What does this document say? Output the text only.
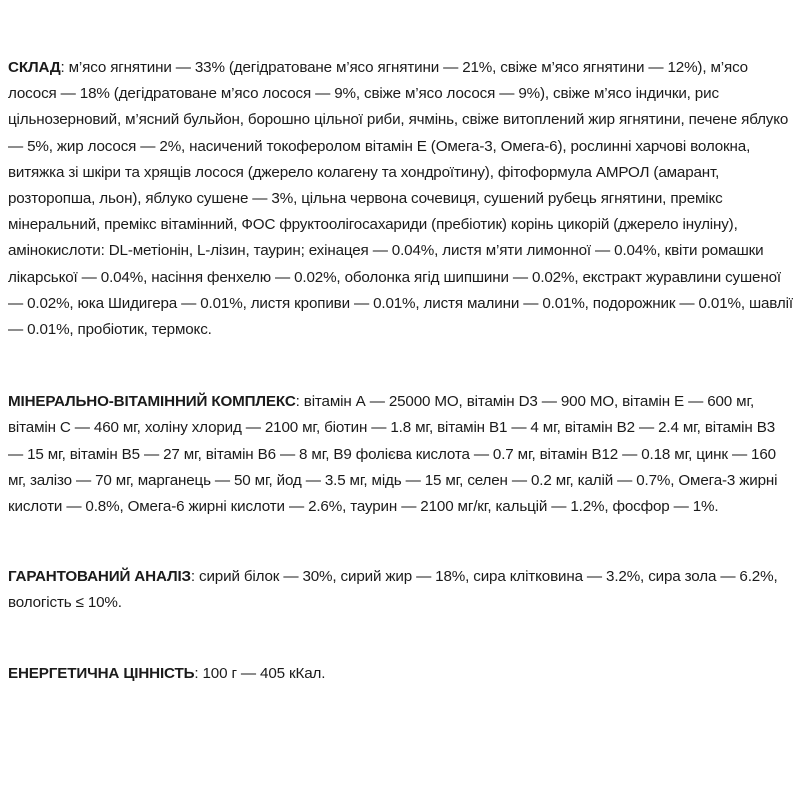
СКЛАД: м’ясо ягнятини — 33% (дегідратоване м’ясо ягнятини — 21%, свіже м’ясо ягнятини — 12%), м’ясо лосося — 18% (дегідратоване м’ясо лосося — 9%, свіже м’ясо лосося — 9%), свіже м’ясо індички, рис цільнозерновий, м’ясний бульйон, борошно цільної риби, ячмінь, свіже витоплений жир ягнятини, печене яблуко — 5%, жир лосося — 2%, насичений токоферолом вітамін Е (Омега-3, Омега-6), рослинні харчові волокна, витяжка зі шкіри та хрящів лосося (джерело колагену та хондроїтину), фітоформула АМРОЛ (амарант, розторопша, льон), яблуко сушене — 3%, цільна червона сочевиця, сушений рубець ягнятини, премікс мінеральний, премікс вітамінний, ФОС фруктоолігосахариди (пребіотик) корінь цикорій (джерело інуліну), амінокислоти: DL-метіонін, L-лізин, таурин; ехінацея — 0.04%, листя м’яти лимонної — 0.04%, квіти ромашки лікарської — 0.04%, насіння фенхелю — 0.02%, оболонка ягід шипшини — 0.02%, екстракт журавлини сушеної — 0.02%, юка Шидигера — 0.01%, листя кропиви — 0.01%, листя малини — 0.01%, подорожник — 0.01%, шавлії — 0.01%, пробіотик, термокс.

МІНЕРАЛЬНО-ВІТАМІННИЙ КОМПЛЕКС: вітамін А — 25000 МО, вітамін D3 — 900 МО, вітамін Е — 600 мг, вітамін С — 460 мг, холіну хлорид — 2100 мг, біотин — 1.8 мг, вітамін В1 — 4 мг, вітамін В2 — 2.4 мг, вітамін В3 — 15 мг, вітамін В5 — 27 мг, вітамін В6 — 8 мг, В9 фолієва кислота — 0.7 мг, вітамін В12 — 0.18 мг, цинк — 160 мг, залізо — 70 мг, марганець — 50 мг, йод — 3.5 мг, мідь — 15 мг, селен — 0.2 мг, калій — 0.7%, Омега-3 жирні кислоти — 0.8%, Омега-6 жирні кислоти — 2.6%, таурин — 2100 мг/кг, кальцій — 1.2%, фосфор — 1%.

ГАРАНТОВАНИЙ АНАЛІЗ: сирий білок — 30%, сирий жир — 18%, сира клітковина — 3.2%, сира зола — 6.2%, вологість ≤ 10%.

ЕНЕРГЕТИЧНА ЦІННІСТЬ: 100 г — 405 кКал.
